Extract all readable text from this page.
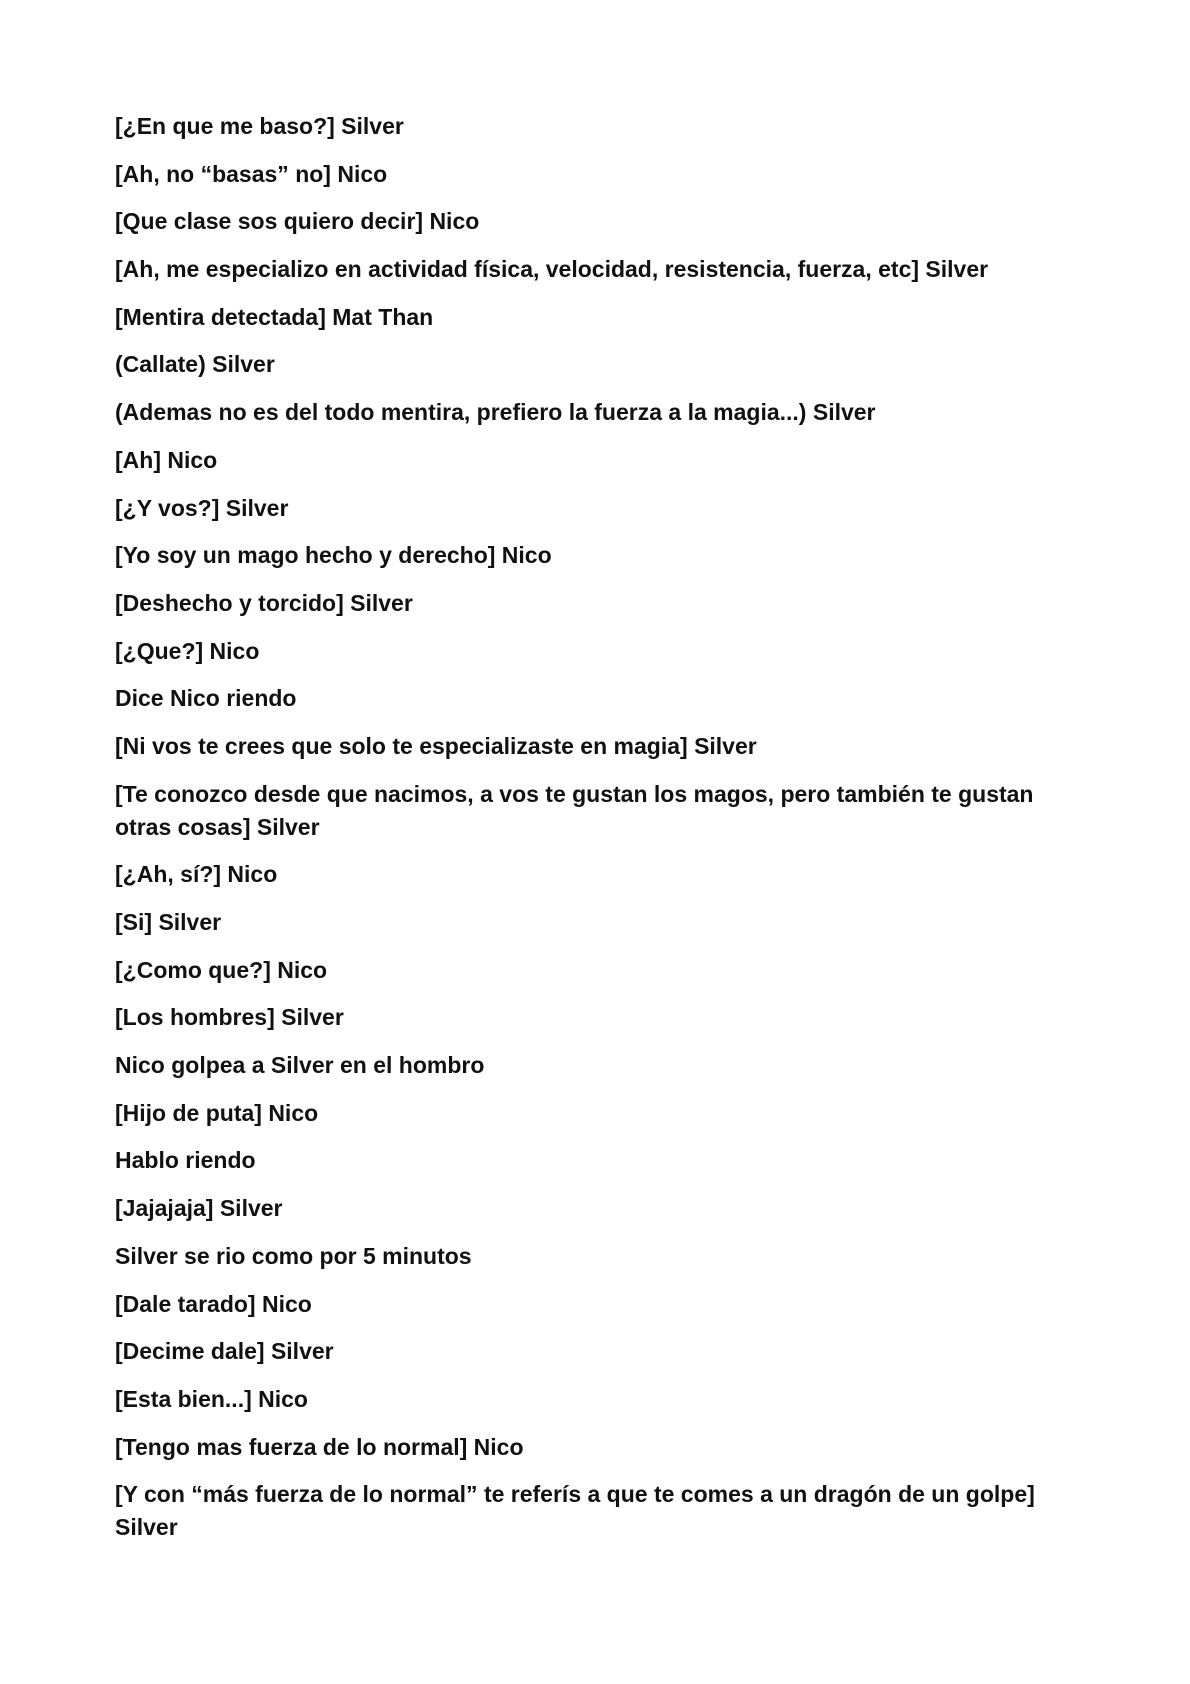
[¿En que me baso?] Silver

[Ah, no “basas” no] Nico

[Que clase sos quiero decir] Nico

[Ah, me especializo en actividad física, velocidad, resistencia, fuerza, etc] Silver

[Mentira detectada] Mat Than

(Callate) Silver

(Ademas no es del todo mentira, prefiero la fuerza a la magia...) Silver

[Ah] Nico

[¿Y vos?] Silver

[Yo soy un mago hecho y derecho] Nico

[Deshecho y torcido] Silver

[¿Que?] Nico

Dice Nico riendo

[Ni vos te crees que solo te especializaste en magia] Silver

[Te conozco desde que nacimos, a vos te gustan los magos, pero también te gustan otras cosas] Silver

[¿Ah, sí?] Nico

[Si] Silver

[¿Como que?] Nico

[Los hombres] Silver

Nico golpea a Silver en el hombro

[Hijo de puta] Nico

Hablo riendo

[Jajajaja] Silver

Silver se rio como por 5 minutos

[Dale tarado] Nico

[Decime dale] Silver

[Esta bien...] Nico

[Tengo mas fuerza de lo normal] Nico

[Y con “más fuerza de lo normal” te referís a que te comes a un dragón de un golpe] Silver
